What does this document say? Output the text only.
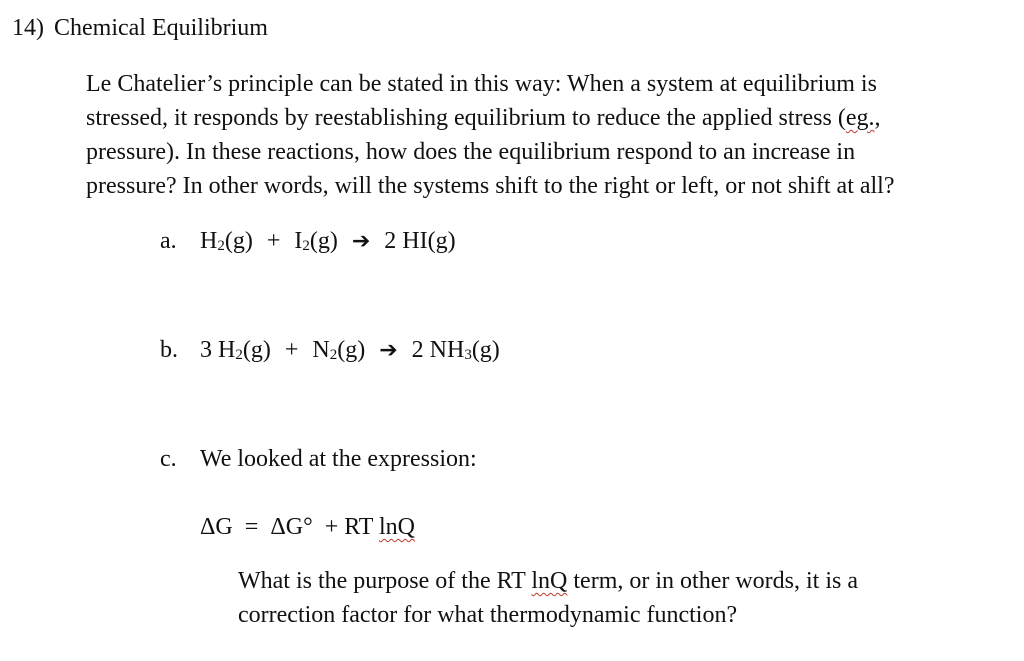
14) Chemical Equilibrium
Le Chatelier’s principle can be stated in this way: When a system at equilibrium is
stressed, it responds by reestablishing equilibrium to reduce the applied stress (eg.,
pressure). In these reactions, how does the equilibrium respond to an increase in
pressure? In other words, will the systems shift to the right or left, or not shift at all?
a. $H_2(g) + I_2(g)$ ➔ 2 HI(g)
b. 3 $H_2(g) + N_2(g)$ ➔ 2 $NH_3(g)$
c. We looked at the expression:
ΔG = ΔG° + RT lnQ
What is the purpose of the RT lnQ term, or in other words, it is a
correction factor for what thermodynamic function?
